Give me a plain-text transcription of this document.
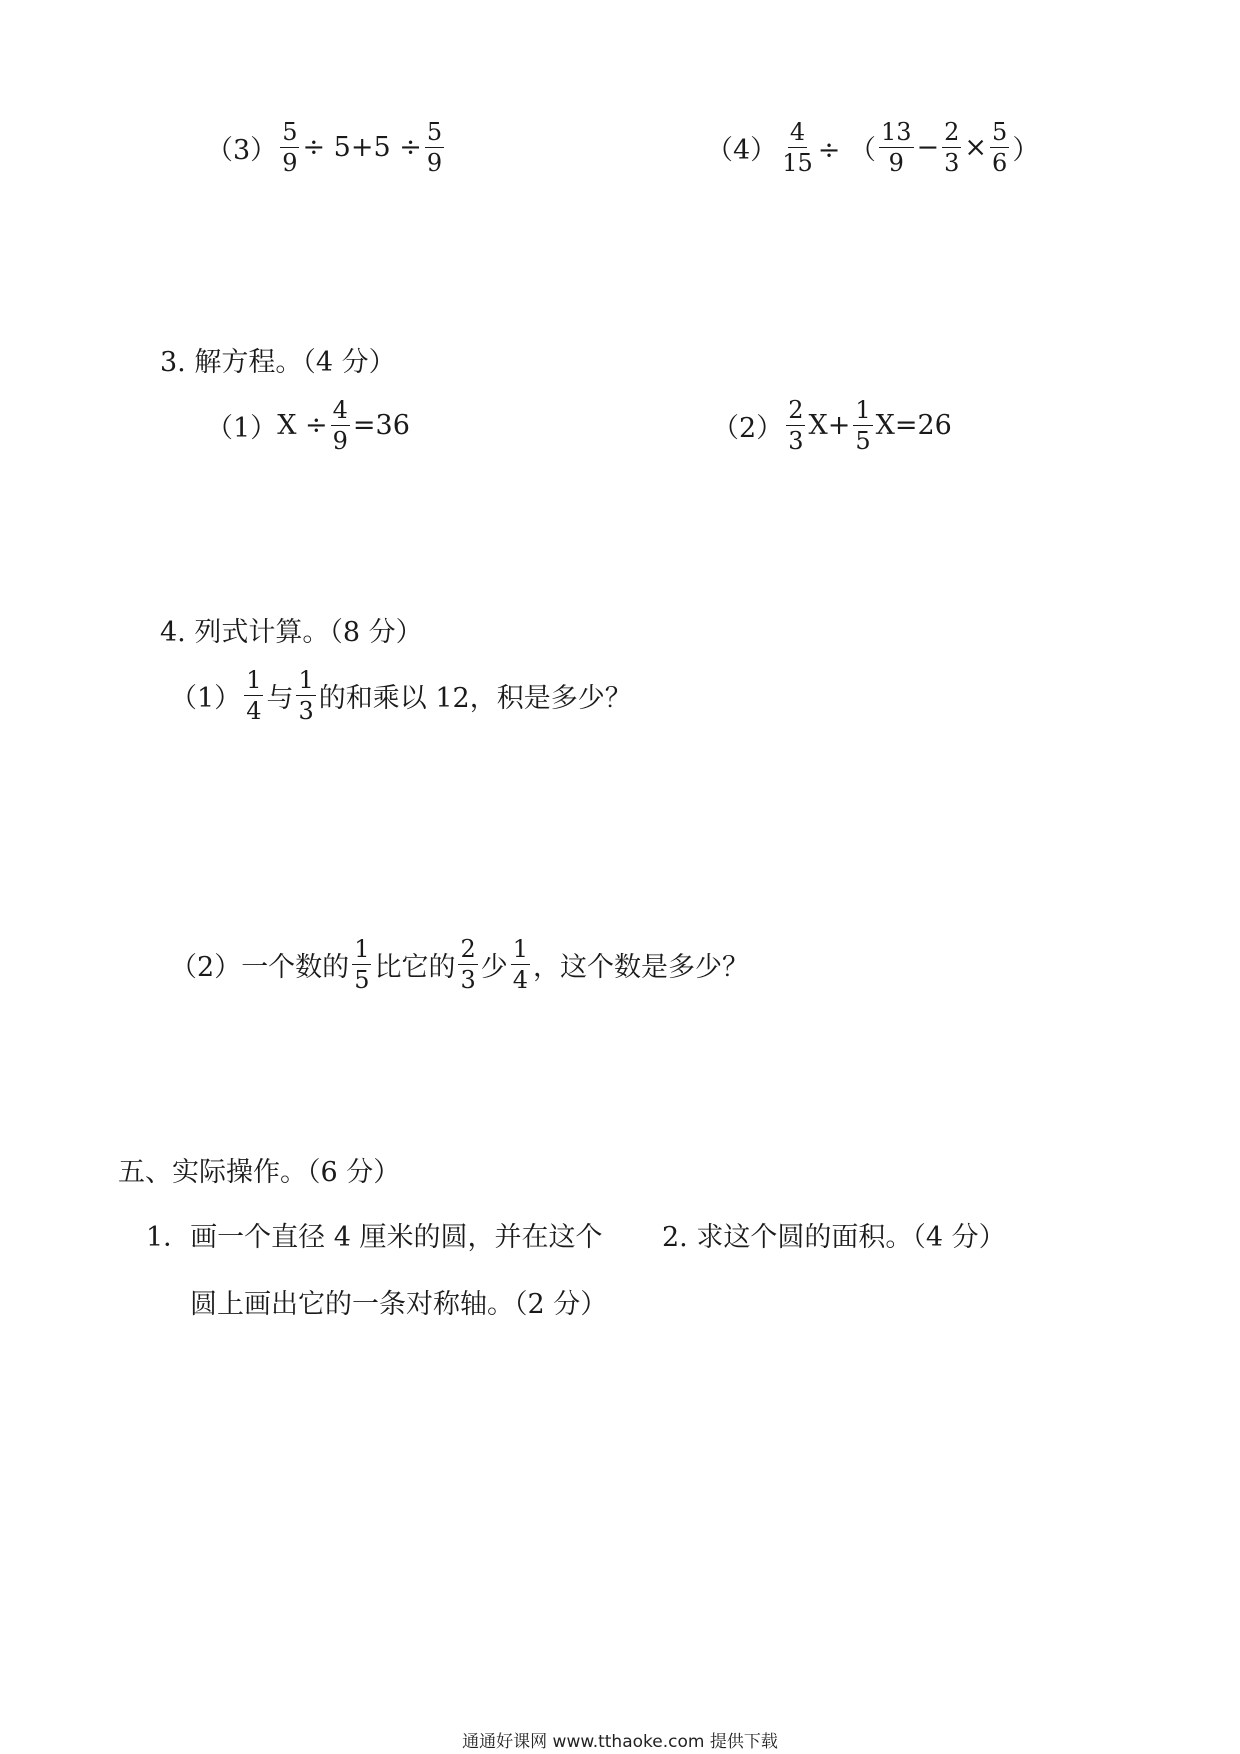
$(3) \frac{5}{9} \div 5+5 \div \frac{5}{9}$	$(4) \frac{4}{15}$ ÷ （ $\frac{13}{9} - \frac{2}{3} \times \frac{5}{6}$ ）
3. 解方程。（4 分）
（1） $X \div \frac{4}{9} =36$	$(2) \frac{2}{3} X+ \frac{1}{5} X=26$
4. 列式计算。（8 分）
$(1) \frac{1}{4}$ 与 $\frac{1}{3}$ 的和乘以 12，积是多少？
（2） 一个数的 $\frac{1}{5}$ 比它的 $\frac{2}{3}$ 少 $\frac{1}{4}$ ，这个数是多少？
五、实际操作。（6 分）
1．画一个直径 4 厘米的圆，并在这个
圆上画出它的一条对称轴。（2 分）
2. 求这个圆的面积。（4 分）
通通好课网 www.tthaoke.com 提供下载
